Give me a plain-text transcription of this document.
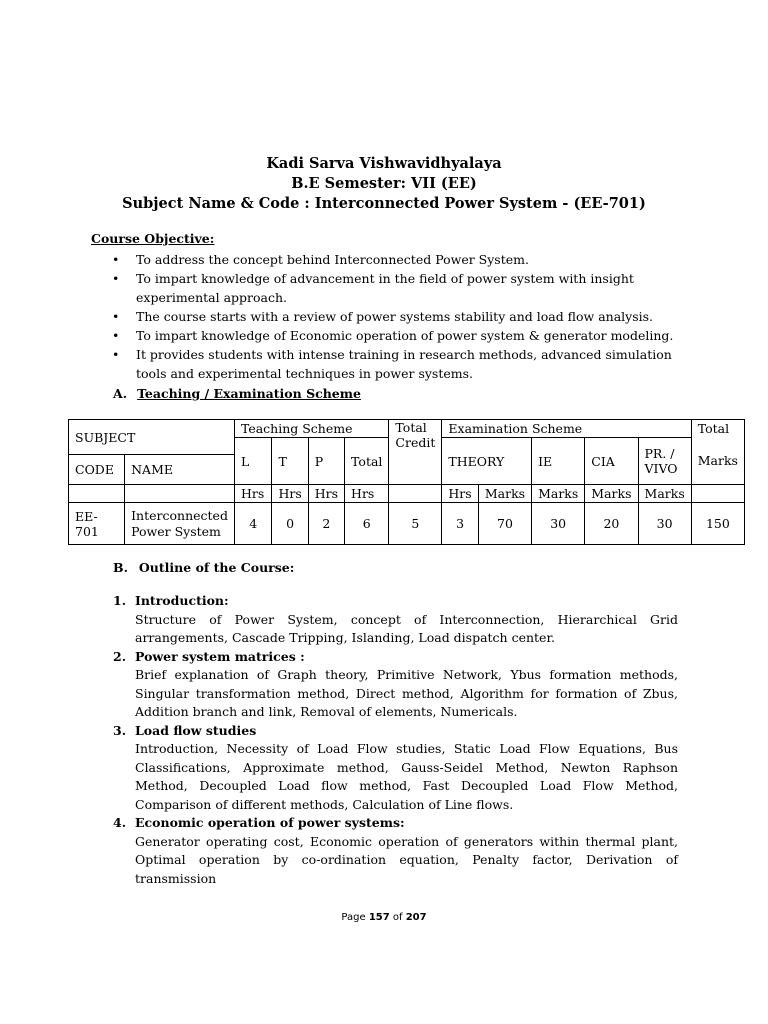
Kadi Sarva Vishwavidhyalaya
B.E Semester: VII (EE)
Subject Name & Code : Interconnected Power System - (EE-701)
Course Objective:
• To address the concept behind Interconnected Power System.
• To impart knowledge of advancement in the field of power system with insight experimental approach.
• The course starts with a review of power systems stability and load flow analysis.
• To impart knowledge of Economic operation of power system & generator modeling.
• It provides students with intense training in research methods, advanced simulation tools and experimental techniques in power systems.
A. Teaching / Examination Scheme
SUBJECT		Teaching Scheme				Total Credit	Examination Scheme					Total
		L	T	P	Total		THEORY		IE	CIA	PR. / VIVO	Marks
CODE	NAME											
		Hrs	Hrs	Hrs	Hrs		Hrs	Marks	Marks	Marks	Marks	
EE-701	Interconnected Power System	4	0	2	6	5	3	70	30	20	30	150
B. Outline of the Course:
1. Introduction:
Structure of Power System, concept of Interconnection, Hierarchical Grid arrangements, Cascade Tripping, Islanding, Load dispatch center.
2. Power system matrices :
Brief explanation of Graph theory, Primitive Network, Ybus formation methods, Singular transformation method, Direct method, Algorithm for formation of Zbus, Addition branch and link, Removal of elements, Numericals.
3. Load flow studies
Introduction, Necessity of Load Flow studies, Static Load Flow Equations, Bus Classifications, Approximate method, Gauss-Seidel Method, Newton Raphson Method, Decoupled Load flow method, Fast Decoupled Load Flow Method, Comparison of different methods, Calculation of Line flows.
4. Economic operation of power systems:
Generator operating cost, Economic operation of generators within thermal plant, Optimal operation by co-ordination equation, Penalty factor, Derivation of transmission
Page 157 of 207
